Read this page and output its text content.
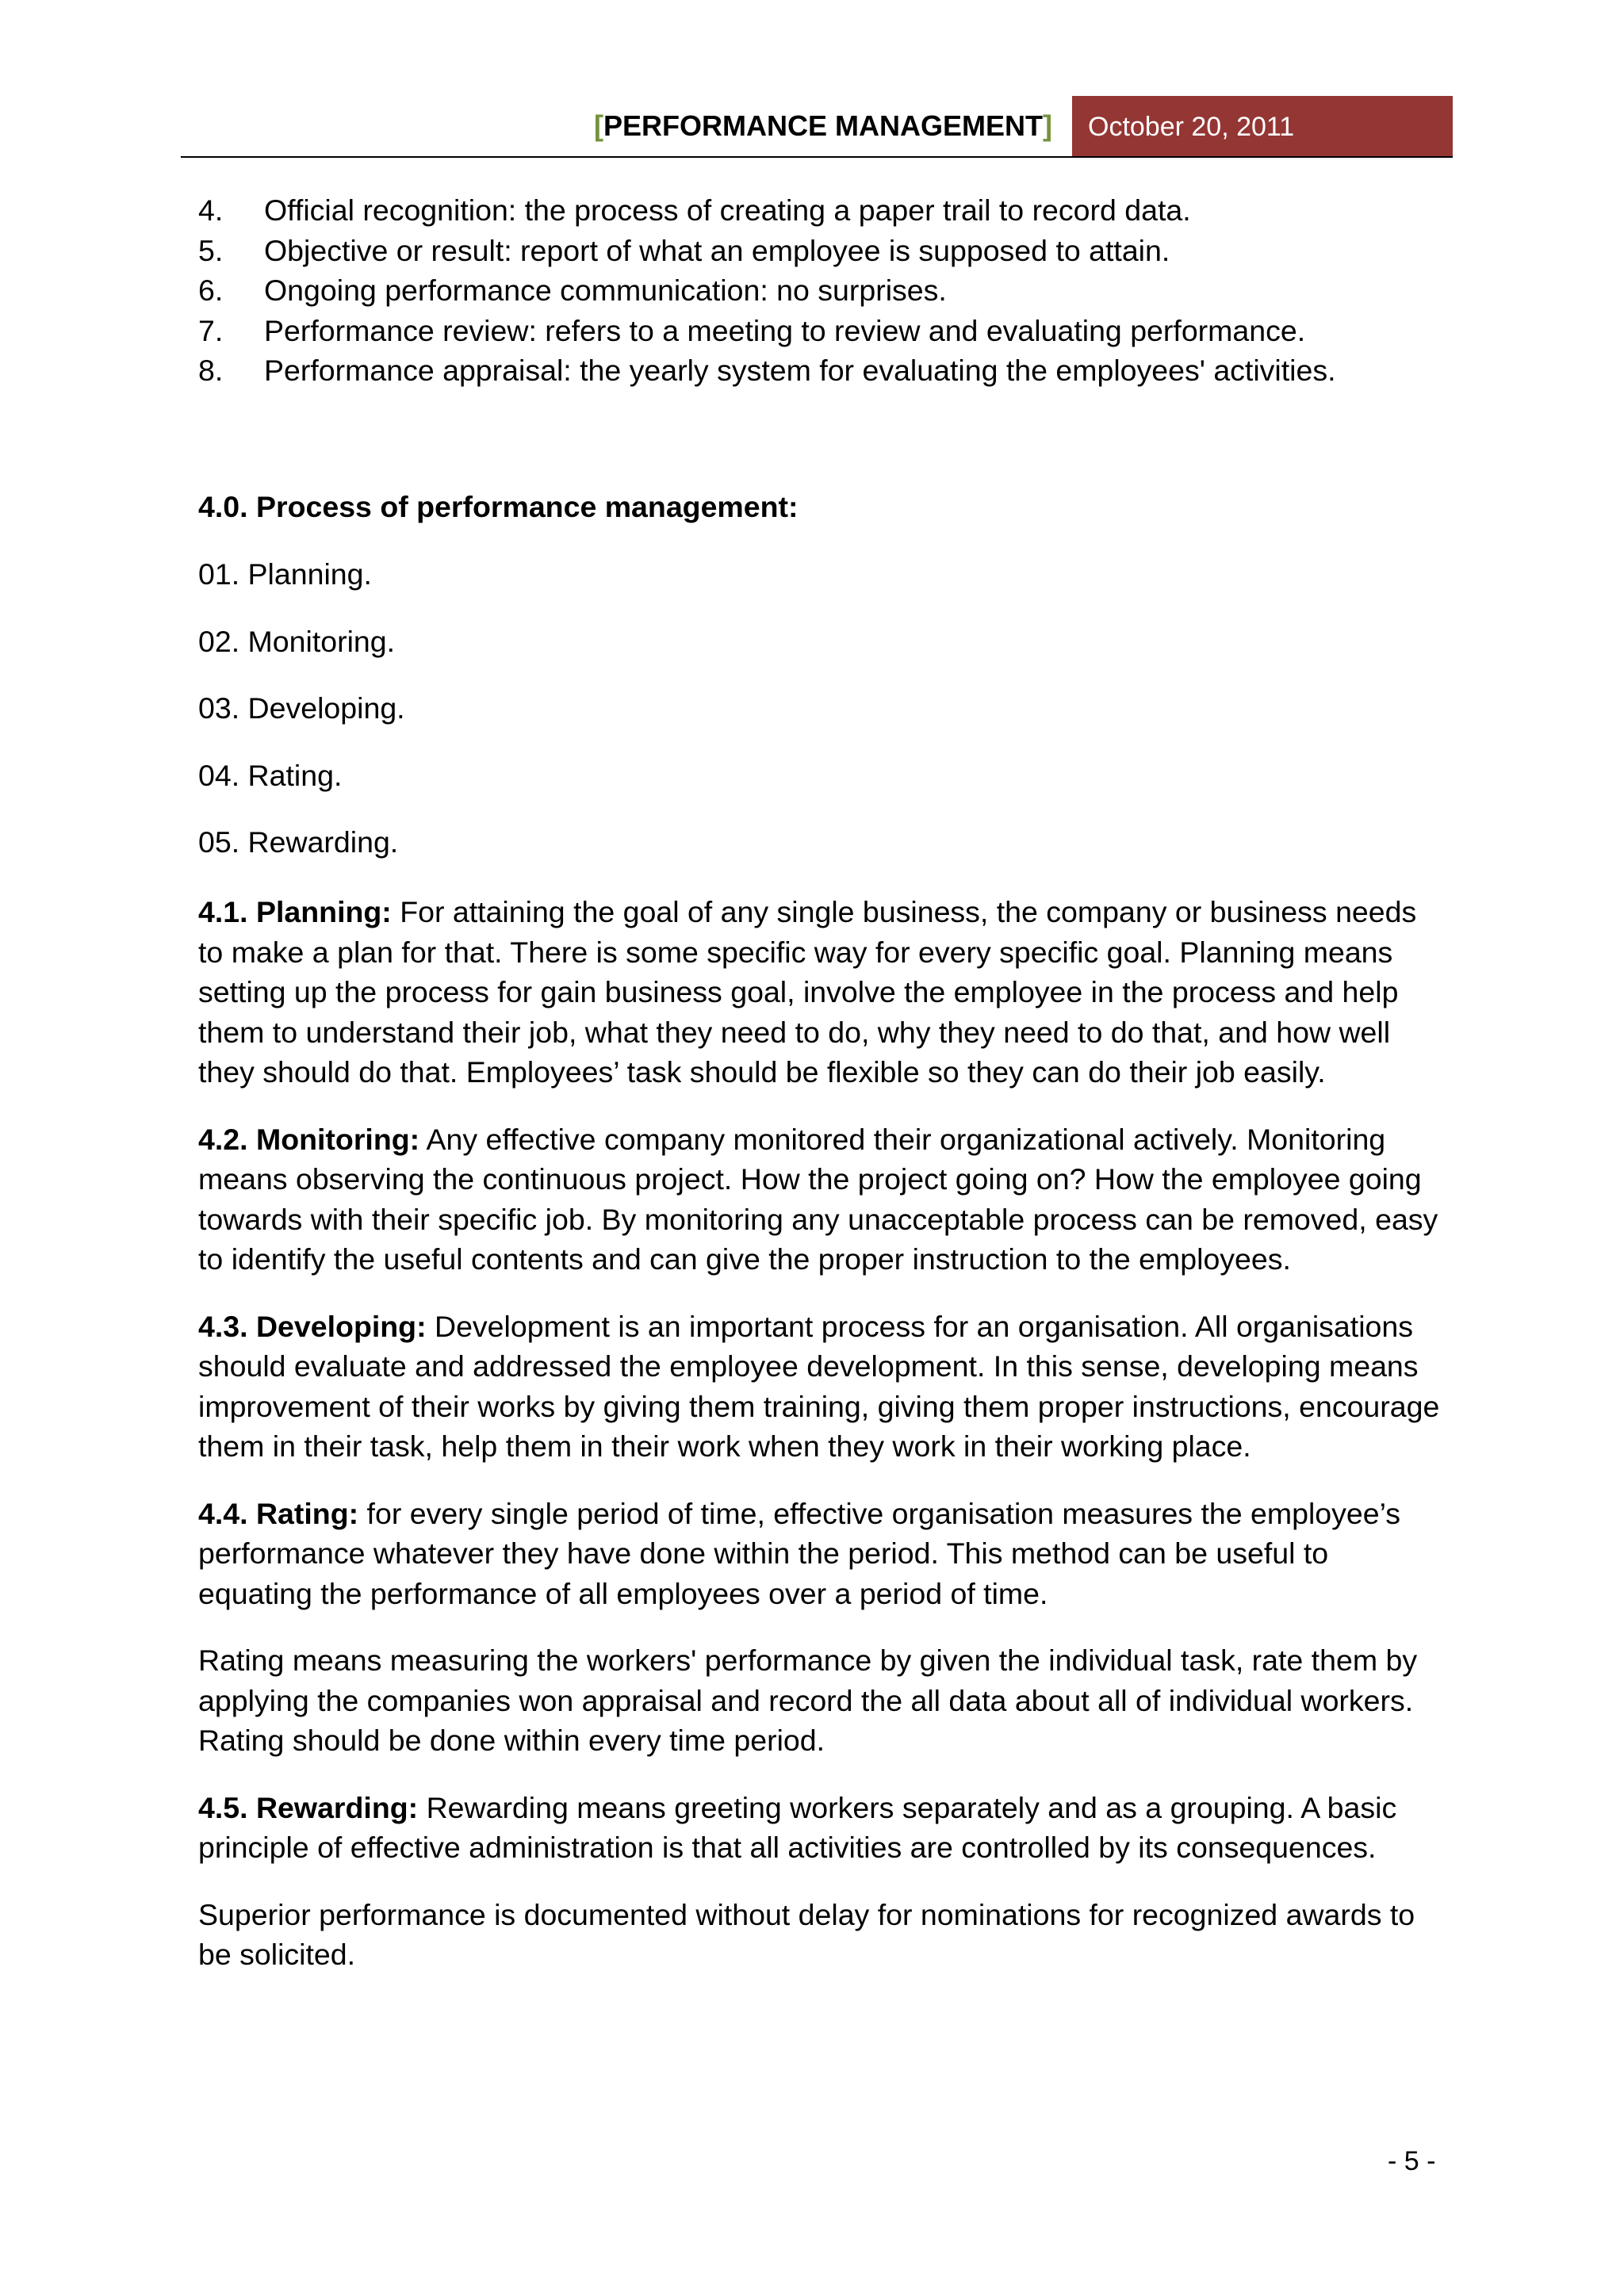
[PERFORMANCE MANAGEMENT] October 20, 2011
4.	Official recognition: the process of creating a paper trail to record data.
5.	Objective or result: report of what an employee is supposed to attain.
6.	Ongoing performance communication: no surprises.
7.	Performance review: refers to a meeting to review and evaluating performance.
8.	Performance appraisal: the yearly system for evaluating the employees' activities.

4.0. Process of performance management:

01. Planning.

02. Monitoring.

03. Developing.

04. Rating.

05. Rewarding.

4.1. Planning: For attaining the goal of any single business, the company or business needs to make a plan for that. There is some specific way for every specific goal. Planning means setting up the process for gain business goal, involve the employee in the process and help them to understand their job, what they need to do, why they need to do that, and how well they should do that. Employees’ task should be flexible so they can do their job easily.

4.2. Monitoring: Any effective company monitored their organizational actively. Monitoring means observing the continuous project. How the project going on? How the employee going towards with their specific job. By monitoring any unacceptable process can be removed, easy to identify the useful contents and can give the proper instruction to the employees.

4.3. Developing: Development is an important process for an organisation. All organisations should evaluate and addressed the employee development. In this sense, developing means improvement of their works by giving them training, giving them proper instructions, encourage them in their task, help them in their work when they work in their working place.

4.4. Rating: for every single period of time, effective organisation measures the employee’s performance whatever they have done within the period. This method can be useful to equating the performance of all employees over a period of time.

Rating means measuring the workers' performance by given the individual task, rate them by applying the companies won appraisal and record the all data about all of individual workers. Rating should be done within every time period.

4.5. Rewarding: Rewarding means greeting workers separately and as a grouping. A basic principle of effective administration is that all activities are controlled by its consequences.

Superior performance is documented without delay for nominations for recognized awards to be solicited.

- 5 -
